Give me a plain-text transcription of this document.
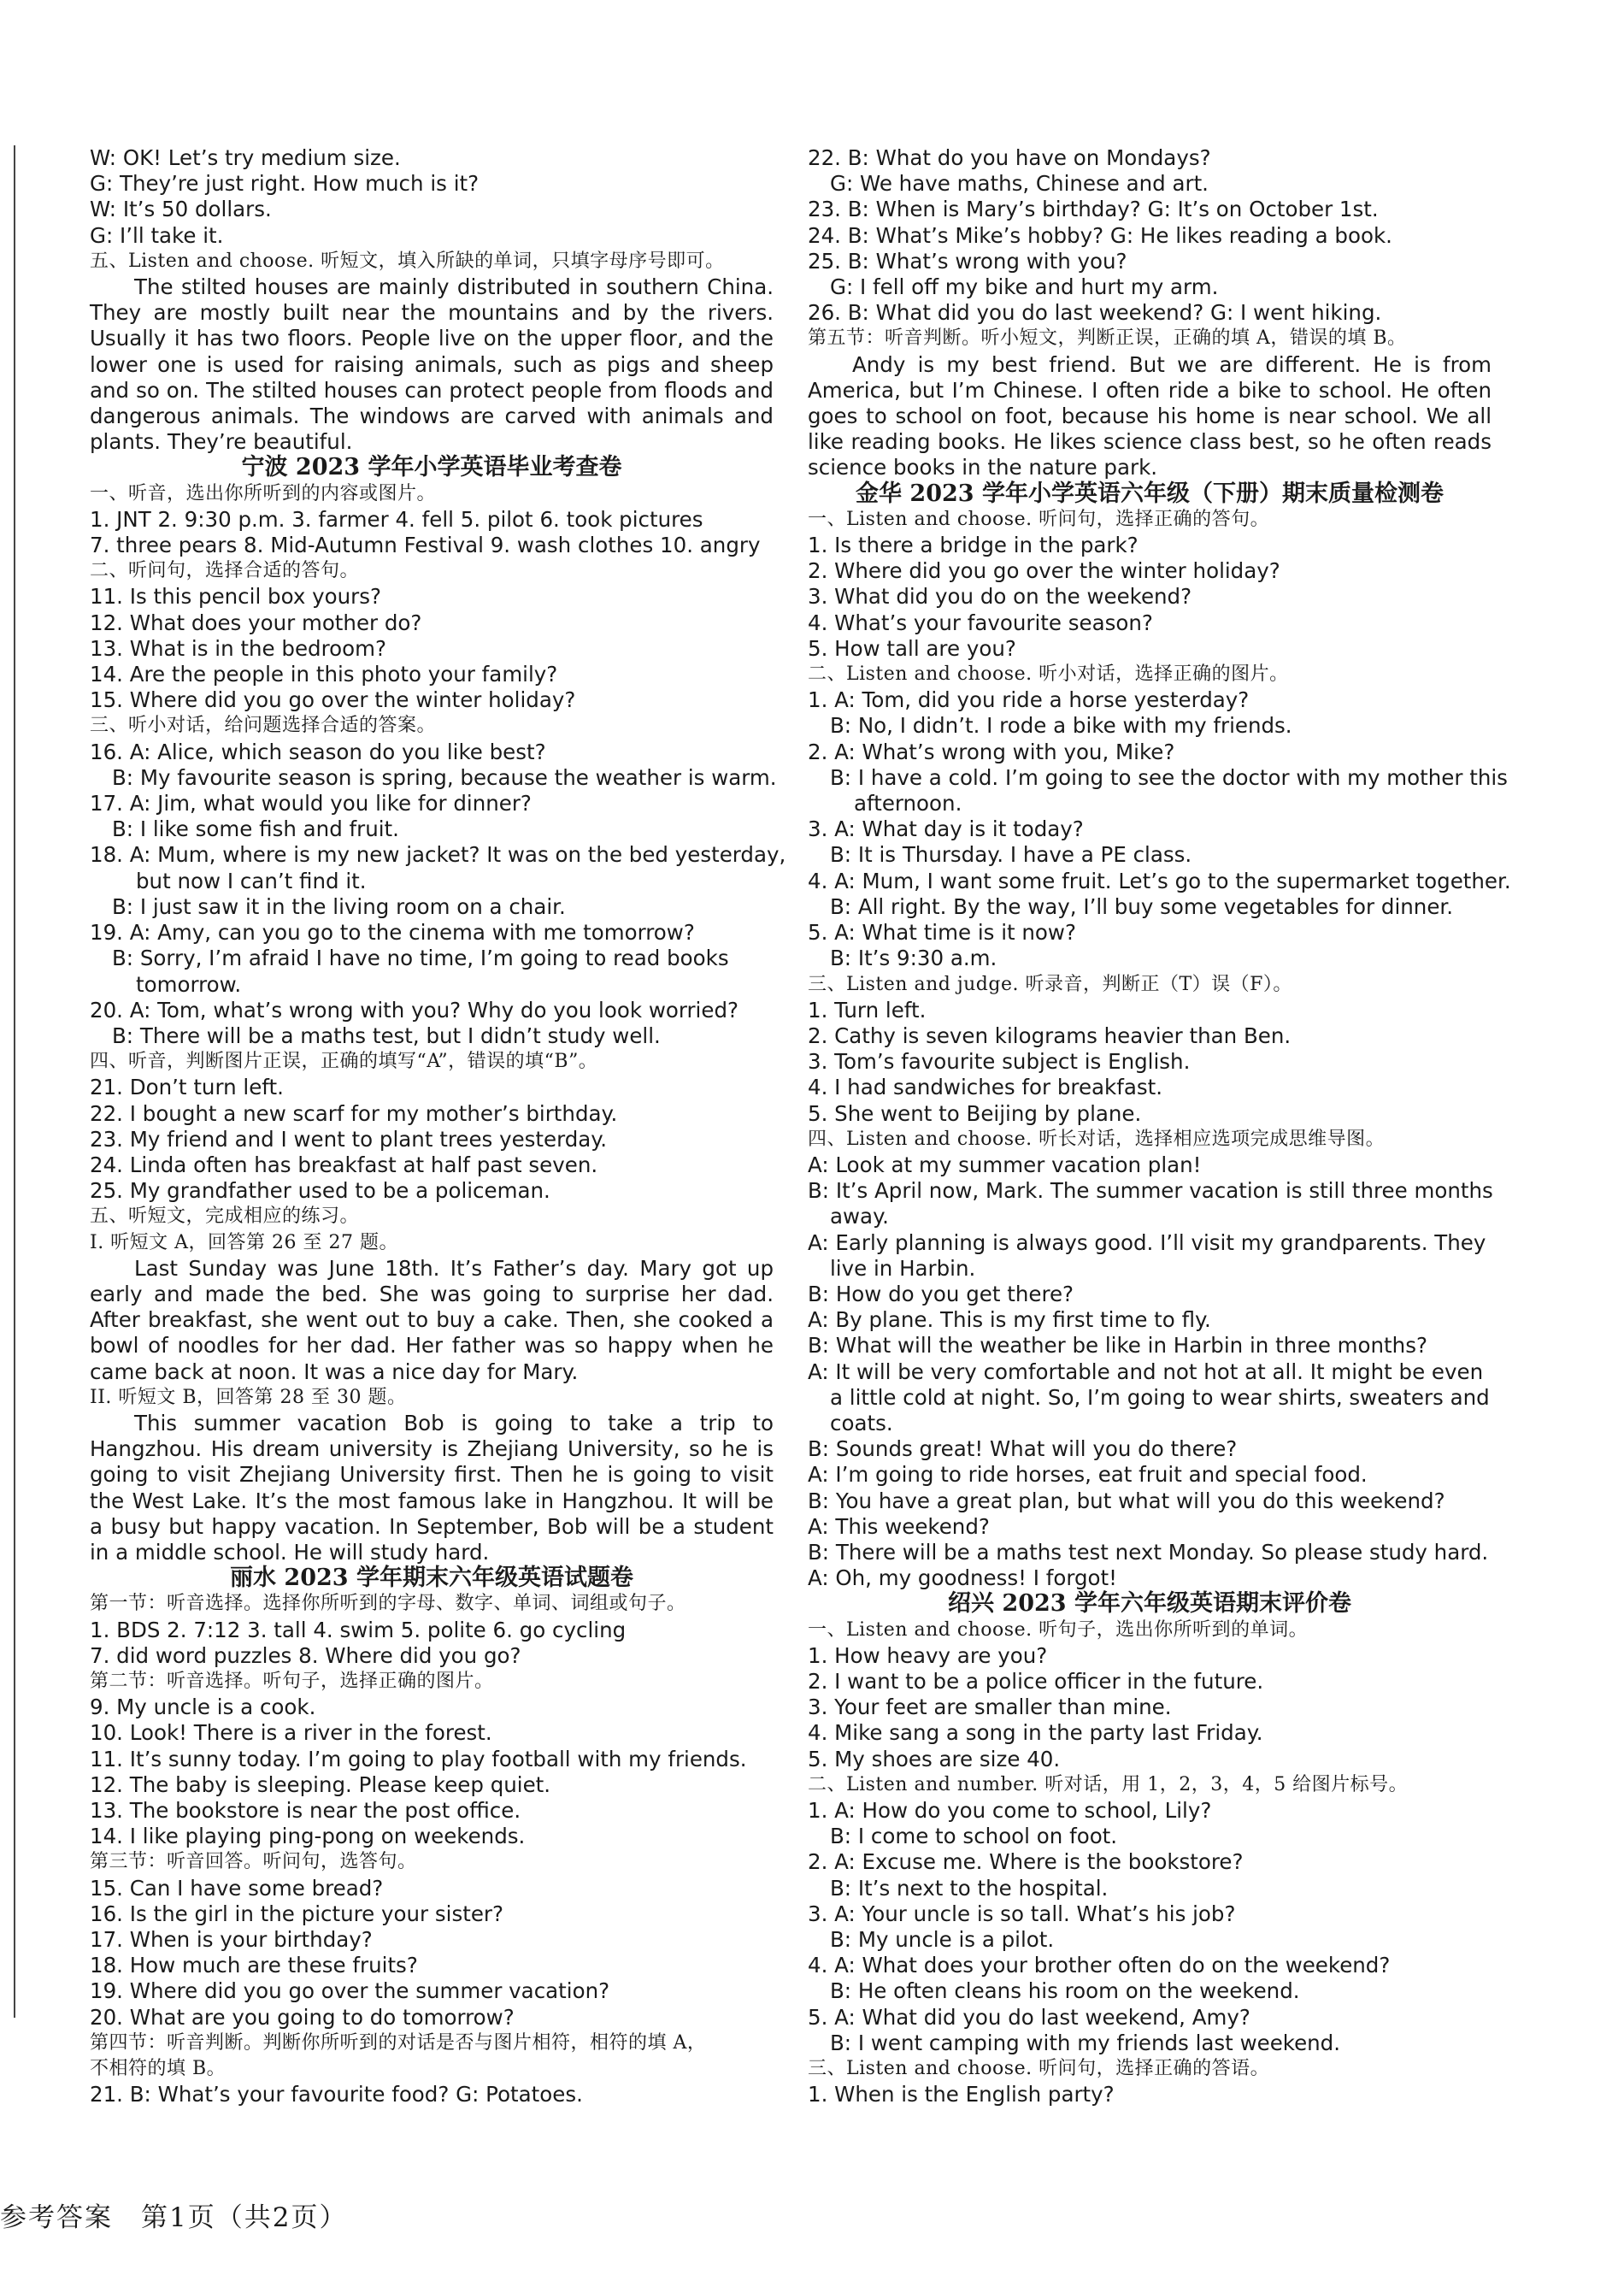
W: OK! Let’s try medium size.
G: They’re just right. How much is it?
W: It’s 50 dollars.
G: I’ll take it.
五、Listen and choose. 听短文，填入所缺的单词，只填字母序号即可。
The stilted houses are mainly distributed in southern China. They are mostly built near the mountains and by the rivers. Usually it has two floors. People live on the upper floor, and the lower one is used for raising animals, such as pigs and sheep and so on. The stilted houses can protect people from floods and dangerous animals. The windows are carved with animals and plants. They’re beautiful.
宁波 2023 学年小学英语毕业考查卷
一、听音，选出你所听到的内容或图片。
1. JNT 2. 9:30 p.m. 3. farmer 4. fell 5. pilot 6. took pictures
7. three pears 8. Mid-Autumn Festival 9. wash clothes 10. angry
二、听问句，选择合适的答句。
11. Is this pencil box yours?
12. What does your mother do?
13. What is in the bedroom?
14. Are the people in this photo your family?
15. Where did you go over the winter holiday?
三、听小对话，给问题选择合适的答案。
16. A: Alice, which season do you like best?
B: My favourite season is spring, because the weather is warm.
17. A: Jim, what would you like for dinner?
B: I like some fish and fruit.
18. A: Mum, where is my new jacket? It was on the bed yesterday,
but now I can’t find it.
B: I just saw it in the living room on a chair.
19. A: Amy, can you go to the cinema with me tomorrow?
B: Sorry, I’m afraid I have no time, I’m going to read books
tomorrow.
20. A: Tom, what’s wrong with you? Why do you look worried?
B: There will be a maths test, but I didn’t study well.
四、听音，判断图片正误，正确的填写“A”，错误的填“B”。
21. Don’t turn left.
22. I bought a new scarf for my mother’s birthday.
23. My friend and I went to plant trees yesterday.
24. Linda often has breakfast at half past seven.
25. My grandfather used to be a policeman.
五、听短文，完成相应的练习。
I. 听短文 A，回答第 26 至 27 题。
Last Sunday was June 18th. It’s Father’s day. Mary got up early and made the bed. She was going to surprise her dad. After breakfast, she went out to buy a cake. Then, she cooked a bowl of noodles for her dad. Her father was so happy when he came back at noon. It was a nice day for Mary.
II. 听短文 B，回答第 28 至 30 题。
This summer vacation Bob is going to take a trip to Hangzhou. His dream university is Zhejiang University, so he is going to visit Zhejiang University first. Then he is going to visit the West Lake. It’s the most famous lake in Hangzhou. It will be a busy but happy vacation. In September, Bob will be a student in a middle school. He will study hard.
丽水 2023 学年期末六年级英语试题卷
第一节：听音选择。选择你所听到的字母、数字、单词、词组或句子。
1. BDS 2. 7:12 3. tall 4. swim 5. polite 6. go cycling
7. did word puzzles 8. Where did you go?
第二节：听音选择。听句子，选择正确的图片。
9. My uncle is a cook.
10. Look! There is a river in the forest.
11. It’s sunny today. I’m going to play football with my friends.
12. The baby is sleeping. Please keep quiet.
13. The bookstore is near the post office.
14. I like playing ping-pong on weekends.
第三节：听音回答。听问句，选答句。
15. Can I have some bread?
16. Is the girl in the picture your sister?
17. When is your birthday?
18. How much are these fruits?
19. Where did you go over the summer vacation?
20. What are you going to do tomorrow?
第四节：听音判断。判断你所听到的对话是否与图片相符，相符的填 A，
不相符的填 B。
21. B: What’s your favourite food? G: Potatoes.
22. B: What do you have on Mondays?
G: We have maths, Chinese and art.
23. B: When is Mary’s birthday? G: It’s on October 1st.
24. B: What’s Mike’s hobby? G: He likes reading a book.
25. B: What’s wrong with you?
G: I fell off my bike and hurt my arm.
26. B: What did you do last weekend? G: I went hiking.
第五节：听音判断。听小短文，判断正误，正确的填 A，错误的填 B。
Andy is my best friend. But we are different. He is from America, but I’m Chinese. I often ride a bike to school. He often goes to school on foot, because his home is near school. We all like reading books. He likes science class best, so he often reads science books in the nature park.
金华 2023 学年小学英语六年级（下册）期末质量检测卷
一、Listen and choose. 听问句，选择正确的答句。
1. Is there a bridge in the park?
2. Where did you go over the winter holiday?
3. What did you do on the weekend?
4. What’s your favourite season?
5. How tall are you?
二、Listen and choose. 听小对话，选择正确的图片。
1. A: Tom, did you ride a horse yesterday?
B: No, I didn’t. I rode a bike with my friends.
2. A: What’s wrong with you, Mike?
B: I have a cold. I’m going to see the doctor with my mother this
afternoon.
3. A: What day is it today?
B: It is Thursday. I have a PE class.
4. A: Mum, I want some fruit. Let’s go to the supermarket together.
B: All right. By the way, I’ll buy some vegetables for dinner.
5. A: What time is it now?
B: It’s 9:30 a.m.
三、Listen and judge. 听录音，判断正（T）误（F）。
1. Turn left.
2. Cathy is seven kilograms heavier than Ben.
3. Tom’s favourite subject is English.
4. I had sandwiches for breakfast.
5. She went to Beijing by plane.
四、Listen and choose. 听长对话，选择相应选项完成思维导图。
A: Look at my summer vacation plan!
B: It’s April now, Mark. The summer vacation is still three months
away.
A: Early planning is always good. I’ll visit my grandparents. They
live in Harbin.
B: How do you get there?
A: By plane. This is my first time to fly.
B: What will the weather be like in Harbin in three months?
A: It will be very comfortable and not hot at all. It might be even
a little cold at night. So, I’m going to wear shirts, sweaters and
coats.
B: Sounds great! What will you do there?
A: I’m going to ride horses, eat fruit and special food.
B: You have a great plan, but what will you do this weekend?
A: This weekend?
B: There will be a maths test next Monday. So please study hard.
A: Oh, my goodness! I forgot!
绍兴 2023 学年六年级英语期末评价卷
一、Listen and choose. 听句子，选出你所听到的单词。
1. How heavy are you?
2. I want to be a police officer in the future.
3. Your feet are smaller than mine.
4. Mike sang a song in the party last Friday.
5. My shoes are size 40.
二、Listen and number. 听对话，用 1，2，3，4，5 给图片标号。
1. A: How do you come to school, Lily?
B: I come to school on foot.
2. A: Excuse me. Where is the bookstore?
B: It’s next to the hospital.
3. A: Your uncle is so tall. What’s his job?
B: My uncle is a pilot.
4. A: What does your brother often do on the weekend?
B: He often cleans his room on the weekend.
5. A: What did you do last weekend, Amy?
B: I went camping with my friends last weekend.
三、Listen and choose. 听问句，选择正确的答语。
1. When is the English party?
参考答案　第1页（共2页）
